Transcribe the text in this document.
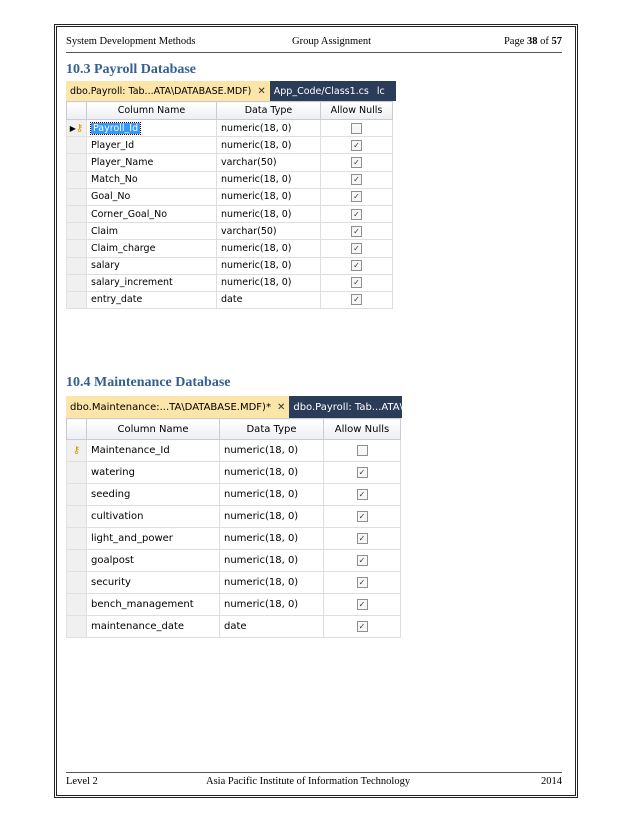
System Development Methods	Group Assignment	Page 38 of 57
10.3 Payroll Database
dbo.Payroll: Tab...ATA\DATABASE.MDF) ✕ App_Code/Class1.cs lc
	Column Name	Data Type	Allow Nulls
▶⚷	Payroll_Id	numeric(18, 0)	
	Player_Id	numeric(18, 0)	✓
	Player_Name	varchar(50)	✓
	Match_No	numeric(18, 0)	✓
	Goal_No	numeric(18, 0)	✓
	Corner_Goal_No	numeric(18, 0)	✓
	Claim	varchar(50)	✓
	Claim_charge	numeric(18, 0)	✓
	salary	numeric(18, 0)	✓
	salary_increment	numeric(18, 0)	✓
	entry_date	date	✓
10.4 Maintenance Database
dbo.Maintenance:...TA\DATABASE.MDF)* ✕ dbo.Payroll: Tab...ATA\DA
	Column Name	Data Type	Allow Nulls
⚷	Maintenance_Id	numeric(18, 0)	
	watering	numeric(18, 0)	✓
	seeding	numeric(18, 0)	✓
	cultivation	numeric(18, 0)	✓
	light_and_power	numeric(18, 0)	✓
	goalpost	numeric(18, 0)	✓
	security	numeric(18, 0)	✓
	bench_management	numeric(18, 0)	✓
	maintenance_date	date	✓
Level 2	Asia Pacific Institute of Information Technology	2014
